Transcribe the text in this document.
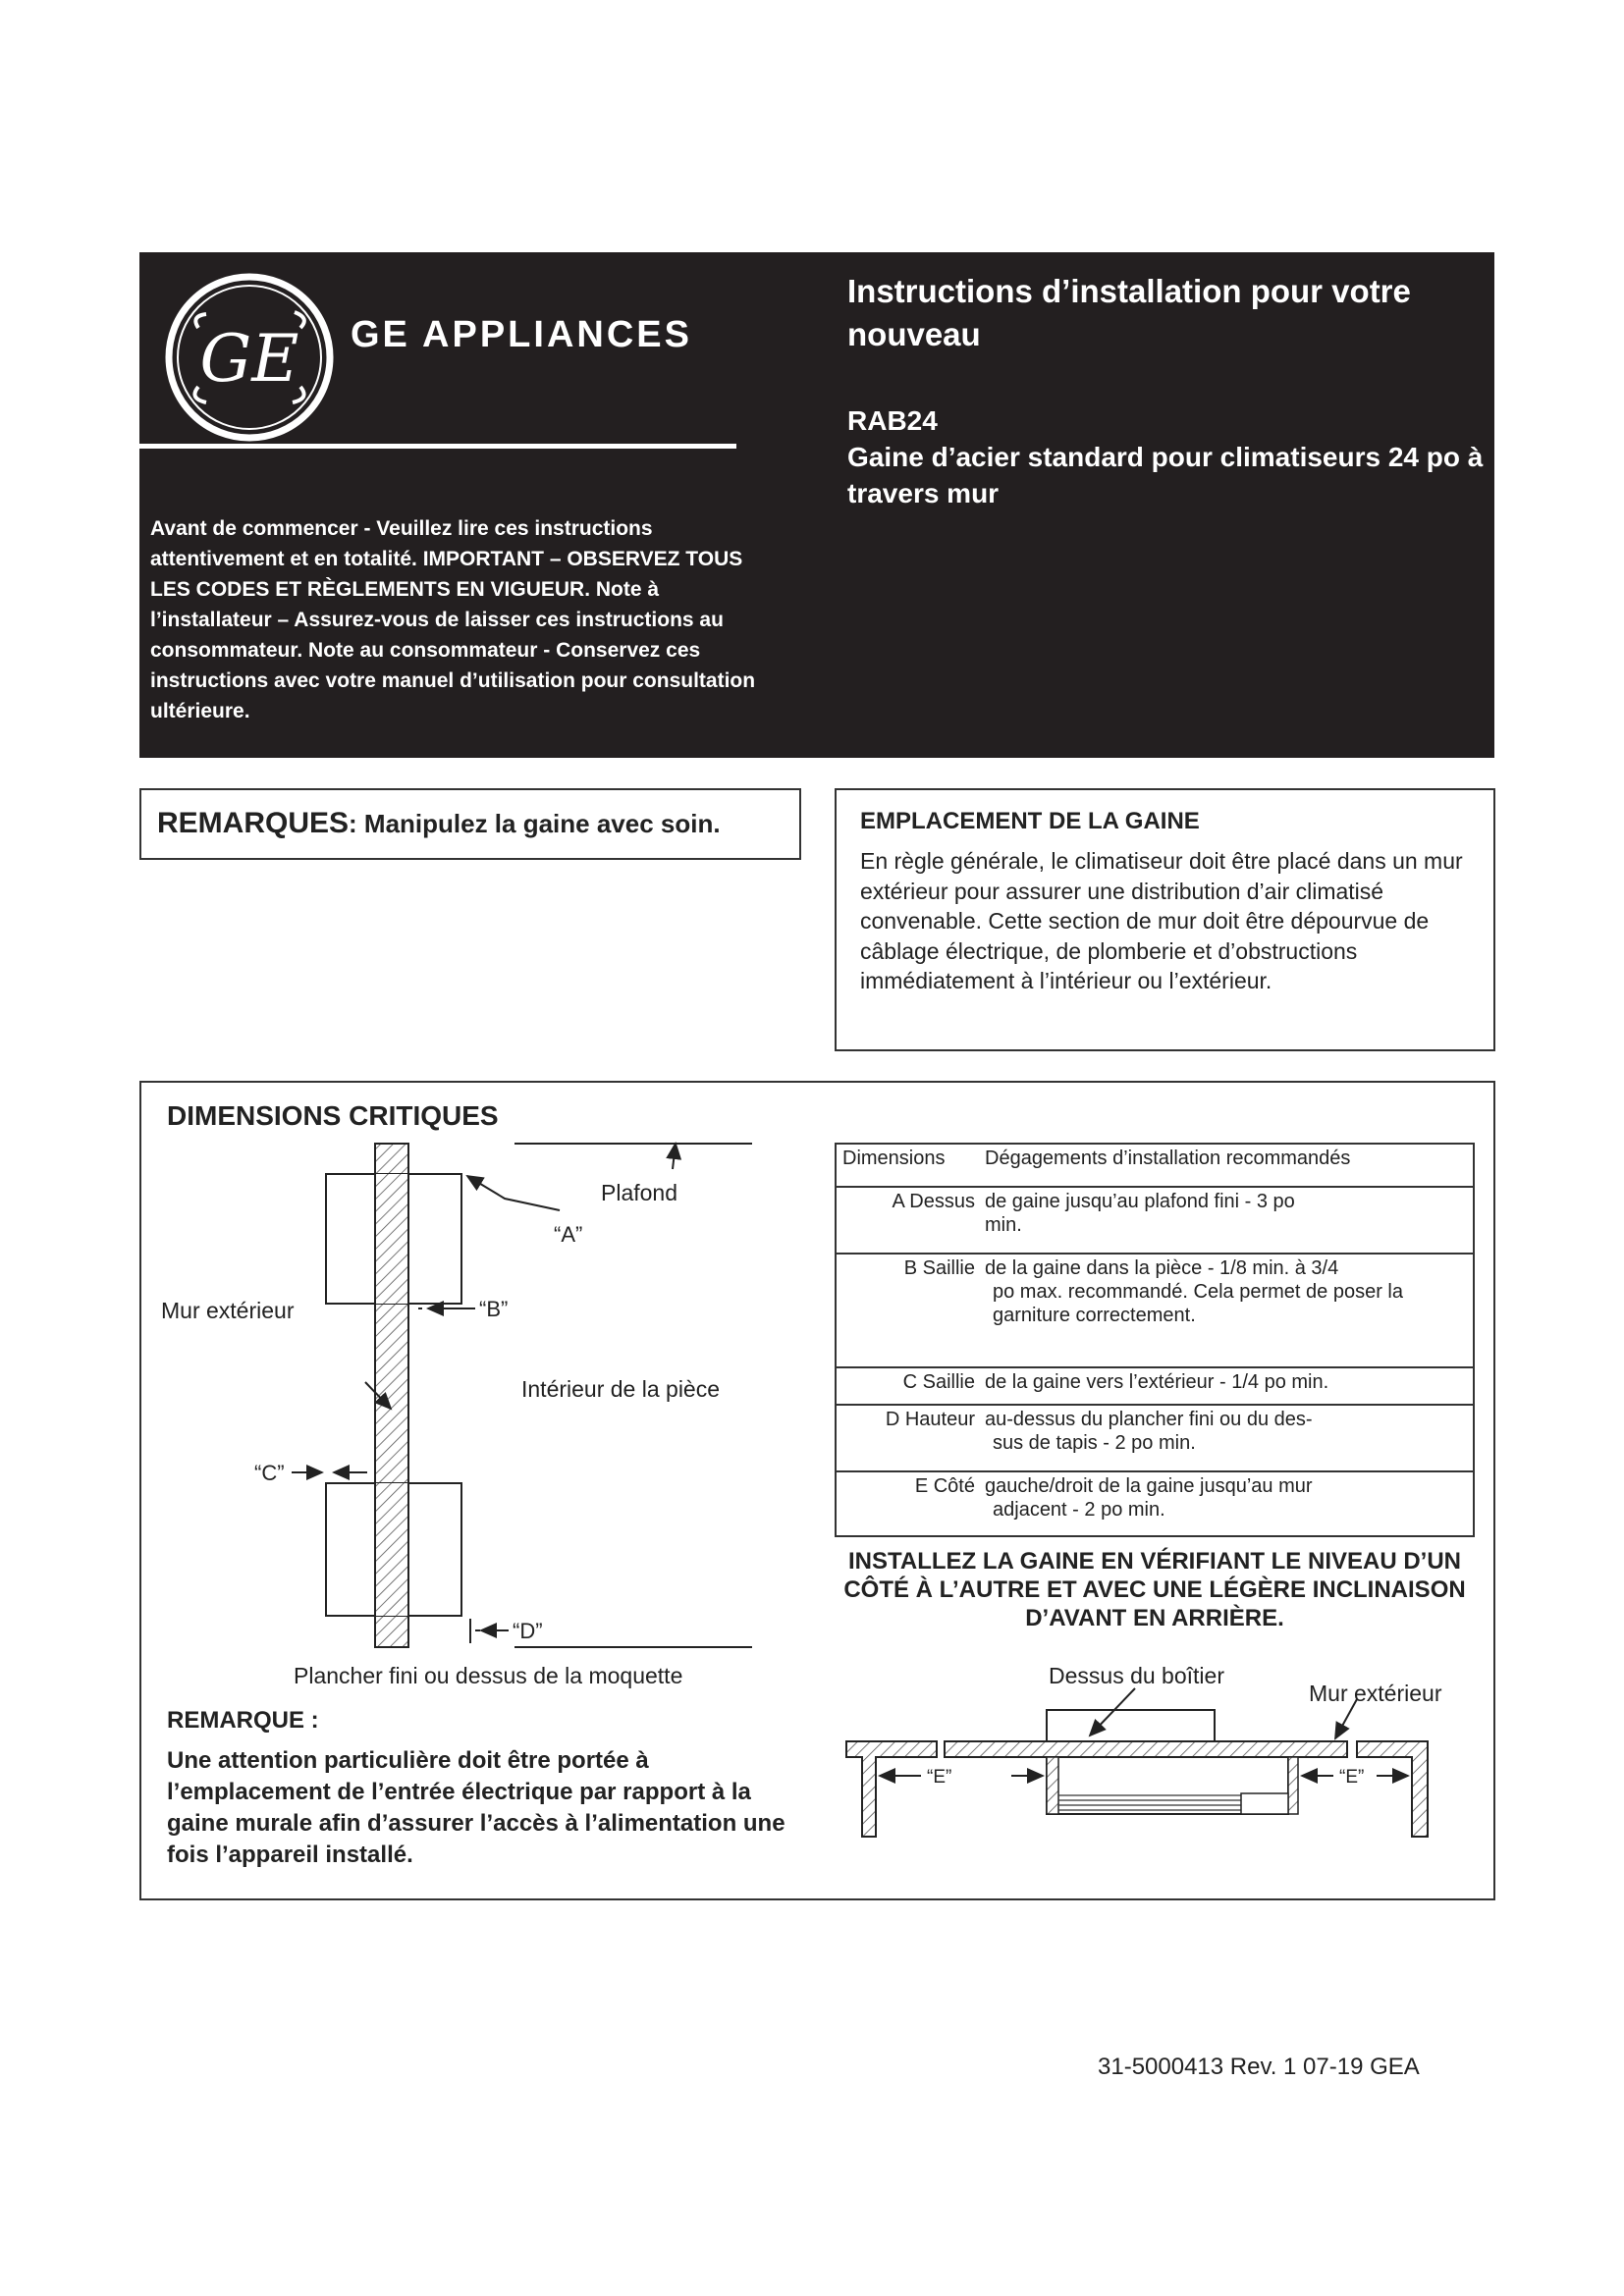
GE GE APPLIANCES
Avant de commencer - Veuillez lire ces instructions attentivement et en totalité. IMPORTANT – OBSERVEZ TOUS LES CODES ET RÈGLEMENTS EN VIGUEUR. Note à l’installateur – Assurez-vous de laisser ces instructions au consommateur. Note au consommateur - Conservez ces instructions avec votre manuel d’utilisation pour consultation ultérieure.
Instructions d’installation pour votre nouveau
RAB24
Gaine d’acier standard pour climatiseurs 24 po à travers mur
REMARQUES: Manipulez la gaine avec soin.	EMPLACEMENT DE LA GAINE
En règle générale, le climatiseur doit être placé dans un mur extérieur pour assurer une distribution d’air climatisé convenable. Cette section de mur doit être dépourvue de câblage électrique, de plomberie et d’obstructions immédiatement à l’intérieur ou l’extérieur.
DIMENSIONS CRITIQUES
Plafond
“A”
“B”
Mur extérieur
Intérieur de la pièce
“C”
“D”
Plancher fini ou dessus de la moquette	Dessus du boîtier
Mur extérieur
“E”	“E”
Dimensions	Dégagements d’installation recommandés
A Dessus	de gaine jusqu’au plafond fini - 3 po
min.

B Saillie	de la gaine dans la pièce - 1/8 min. à 3/4
po max. recommandé. Cela permet de poser la garniture correctement.

C Saillie	de la gaine vers l’extérieur - 1/4 po min.
D Hauteur	au-dessus du plancher fini ou du des-
sus de tapis - 2 po min.

E Côté	gauche/droit de la gaine jusqu’au mur
adjacent - 2 po min.
INSTALLEZ LA GAINE EN VÉRIFIANT LE NIVEAU D’UN CÔTÉ À L’AUTRE ET AVEC UNE LÉGÈRE INCLINAISON D’AVANT EN ARRIÈRE.
REMARQUE :
Une attention particulière doit être portée à l’emplacement de l’entrée électrique par rapport à la gaine murale afin d’assurer l’accès à l’alimentation une fois l’appareil installé.
31-5000413 Rev. 1 07-19 GEA
